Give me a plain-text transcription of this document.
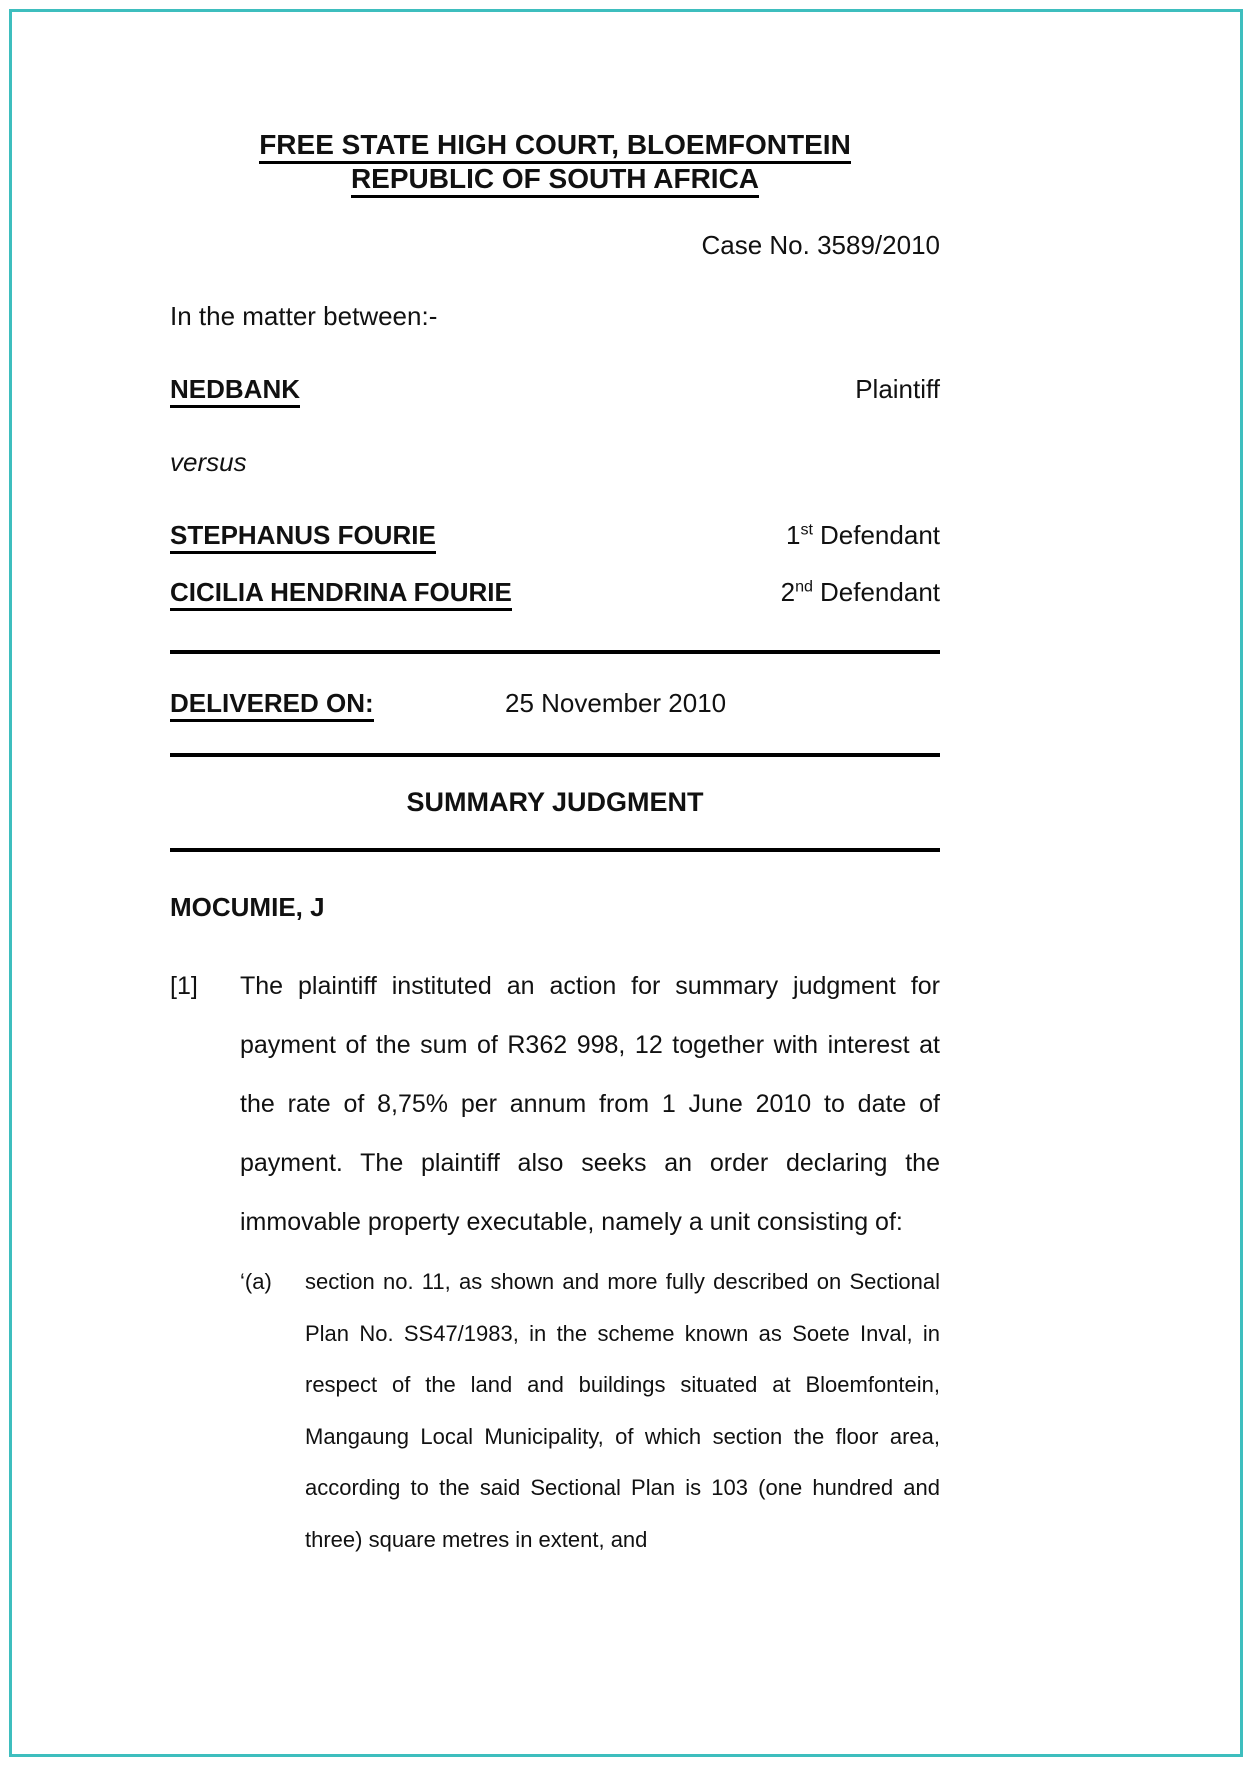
FREE STATE HIGH COURT, BLOEMFONTEIN
REPUBLIC OF SOUTH AFRICA
Case No. 3589/2010
In the matter between:-
NEDBANK	Plaintiff
versus
STEPHANUS FOURIE	1st Defendant
CICILIA HENDRINA FOURIE	2nd Defendant
DELIVERED ON:	25 November 2010
SUMMARY JUDGMENT
MOCUMIE, J
[1]	The plaintiff instituted an action for summary judgment for payment of the sum of R362 998, 12 together with interest at the rate of 8,75% per annum from 1 June 2010 to date of payment. The plaintiff also seeks an order declaring the immovable property executable, namely a unit consisting of:
‘(a)	section no. 11, as shown and more fully described on Sectional Plan No. SS47/1983, in the scheme known as Soete Inval, in respect of the land and buildings situated at Bloemfontein, Mangaung Local Municipality, of which section the floor area, according to the said Sectional Plan is 103 (one hundred and three) square metres in extent, and
